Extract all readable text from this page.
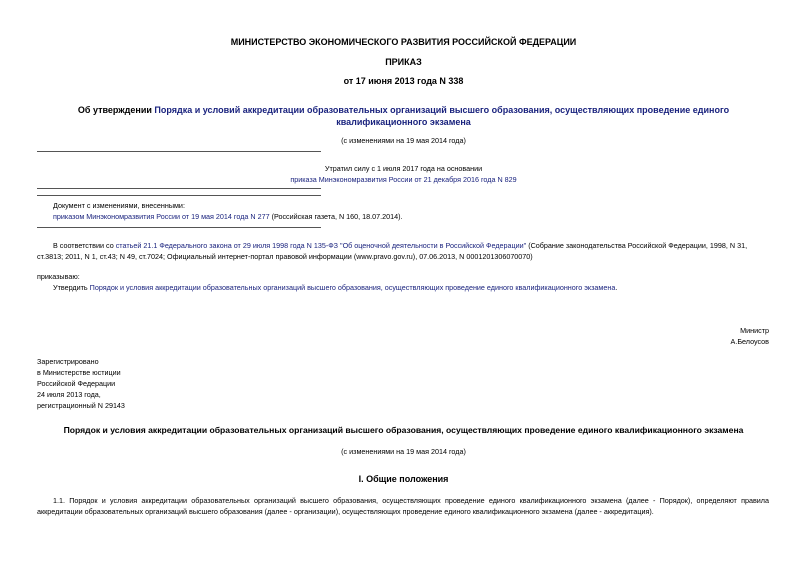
МИНИСТЕРСТВО ЭКОНОМИЧЕСКОГО РАЗВИТИЯ РОССИЙСКОЙ ФЕДЕРАЦИИ
ПРИКАЗ
от 17 июня 2013 года N 338
Об утверждении Порядка и условий аккредитации образовательных организаций высшего образования, осуществляющих проведение единого
квалификационного экзамена
(с изменениями на 19 мая 2014 года)
Утратил силу с 1 июля 2017 года на основании
приказа Минэкономразвития России от 21 декабря 2016 года N 829
Документ с изменениями, внесенными:
приказом Минэкономразвития России от 19 мая 2014 года N 277 (Российская газета, N 160, 18.07.2014).
В соответствии со статьей 21.1 Федерального закона от 29 июля 1998 года N 135-ФЗ "Об оценочной деятельности в Российской Федерации" (Собрание законодательства Российской Федерации, 1998, N 31,
ст.3813; 2011, N 1, ст.43; N 49, ст.7024; Официальный интернет-портал правовой информации (www.pravo.gov.ru), 07.06.2013, N 0001201306070070)
приказываю:
Утвердить Порядок и условия аккредитации образовательных организаций высшего образования, осуществляющих проведение единого квалификационного экзамена.
Министр
А.Белоусов
Зарегистрировано
в Министерстве юстиции
Российской Федерации
24 июля 2013 года,
регистрационный N 29143
Порядок и условия аккредитации образовательных организаций высшего образования, осуществляющих проведение единого квалификационного экзамена
(с изменениями на 19 мая 2014 года)
I. Общие положения
1.1. Порядок и условия аккредитации образовательных организаций высшего образования, осуществляющих проведение единого квалификационного экзамена (далее - Порядок), определяют правила
аккредитации образовательных организаций высшего образования (далее - организации), осуществляющих проведение единого квалификационного экзамена (далее - аккредитация).
